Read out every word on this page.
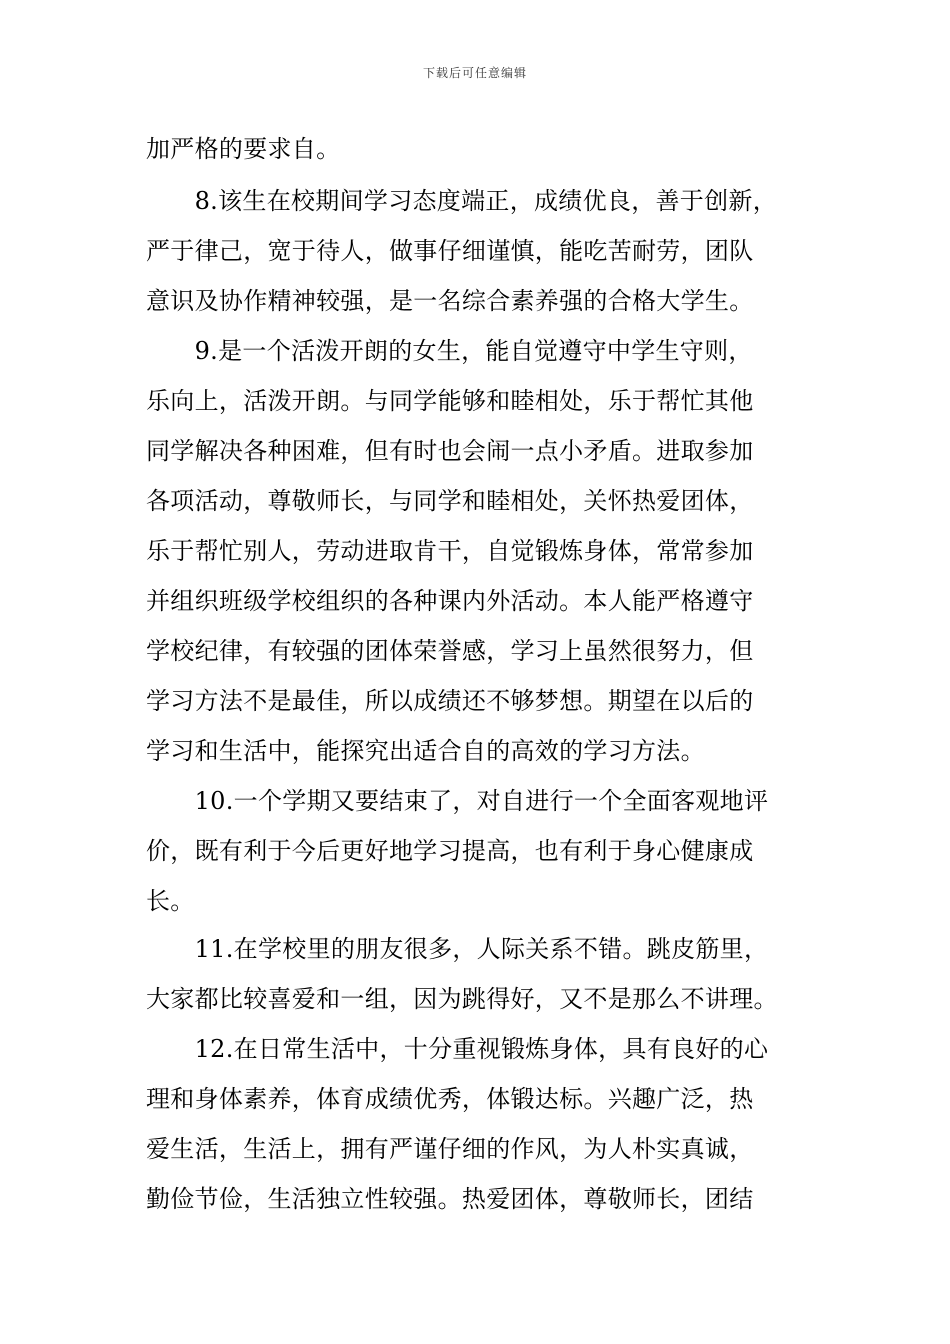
下载后可任意编辑
加严格的要求自。
　　8.该生在校期间学习态度端正，成绩优良，善于创新，
严于律己，宽于待人，做事仔细谨慎，能吃苦耐劳，团队
意识及协作精神较强，是一名综合素养强的合格大学生。
　　9.是一个活泼开朗的女生，能自觉遵守中学生守则，
乐向上，活泼开朗。与同学能够和睦相处，乐于帮忙其他
同学解决各种困难，但有时也会闹一点小矛盾。进取参加
各项活动，尊敬师长，与同学和睦相处，关怀热爱团体，
乐于帮忙别人，劳动进取肯干，自觉锻炼身体，常常参加
并组织班级学校组织的各种课内外活动。本人能严格遵守
学校纪律，有较强的团体荣誉感，学习上虽然很努力，但
学习方法不是最佳，所以成绩还不够梦想。期望在以后的
学习和生活中，能探究出适合自的高效的学习方法。
　　10.一个学期又要结束了，对自进行一个全面客观地评
价，既有利于今后更好地学习提高，也有利于身心健康成
长。
　　11.在学校里的朋友很多，人际关系不错。跳皮筋里，
大家都比较喜爱和一组，因为跳得好，又不是那么不讲理。
　　12.在日常生活中，十分重视锻炼身体，具有良好的心
理和身体素养，体育成绩优秀，体锻达标。兴趣广泛，热
爱生活，生活上，拥有严谨仔细的作风，为人朴实真诚，
勤俭节俭，生活独立性较强。热爱团体，尊敬师长，团结
